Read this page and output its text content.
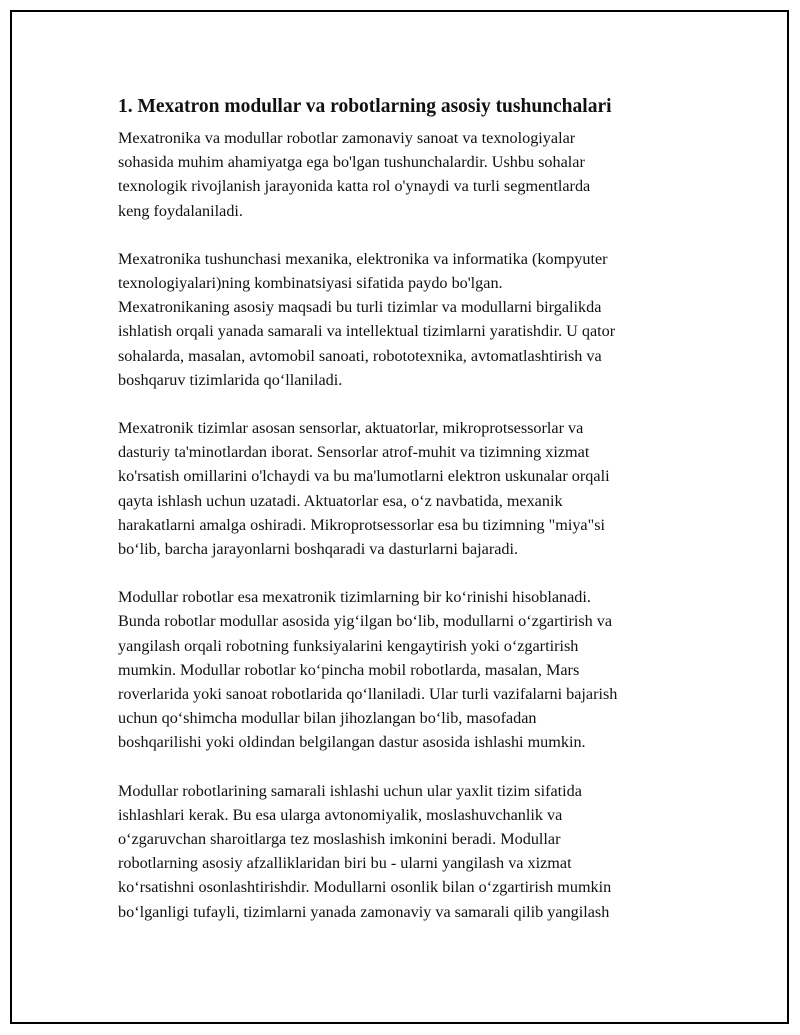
1. Mexatron modullar va robotlarning asosiy tushunchalari
Mexatronika va modullar robotlar zamonaviy sanoat va texnologiyalar
sohasida muhim ahamiyatga ega bo'lgan tushunchalardir. Ushbu sohalar
texnologik rivojlanish jarayonida katta rol o'ynaydi va turli segmentlarda
keng foydalaniladi.
Mexatronika tushunchasi mexanika, elektronika va informatika (kompyuter
texnologiyalari)ning kombinatsiyasi sifatida paydo bo'lgan.
Mexatronikaning asosiy maqsadi bu turli tizimlar va modullarni birgalikda
ishlatish orqali yanada samarali va intellektual tizimlarni yaratishdir. U qator
sohalarda, masalan, avtomobil sanoati, robototexnika, avtomatlashtirish va
boshqaruv tizimlarida qo‘llaniladi.
Mexatronik tizimlar asosan sensorlar, aktuatorlar, mikroprotsessorlar va
dasturiy ta'minotlardan iborat. Sensorlar atrof-muhit va tizimning xizmat
ko'rsatish omillarini o'lchaydi va bu ma'lumotlarni elektron uskunalar orqali
qayta ishlash uchun uzatadi. Aktuatorlar esa, o‘z navbatida, mexanik
harakatlarni amalga oshiradi. Mikroprotsessorlar esa bu tizimning "miya"si
bo‘lib, barcha jarayonlarni boshqaradi va dasturlarni bajaradi.
Modullar robotlar esa mexatronik tizimlarning bir ko‘rinishi hisoblanadi.
Bunda robotlar modullar asosida yig‘ilgan bo‘lib, modullarni o‘zgartirish va
yangilash orqali robotning funksiyalarini kengaytirish yoki o‘zgartirish
mumkin. Modullar robotlar ko‘pincha mobil robotlarda, masalan, Mars
roverlarida yoki sanoat robotlarida qo‘llaniladi. Ular turli vazifalarni bajarish
uchun qo‘shimcha modullar bilan jihozlangan bo‘lib, masofadan
boshqarilishi yoki oldindan belgilangan dastur asosida ishlashi mumkin.
Modullar robotlarining samarali ishlashi uchun ular yaxlit tizim sifatida
ishlashlari kerak. Bu esa ularga avtonomiyalik, moslashuvchanlik va
o‘zgaruvchan sharoitlarga tez moslashish imkonini beradi. Modullar
robotlarning asosiy afzalliklaridan biri bu - ularni yangilash va xizmat
ko‘rsatishni osonlashtirishdir. Modullarni osonlik bilan o‘zgartirish mumkin
bo‘lganligi tufayli, tizimlarni yanada zamonaviy va samarali qilib yangilash
